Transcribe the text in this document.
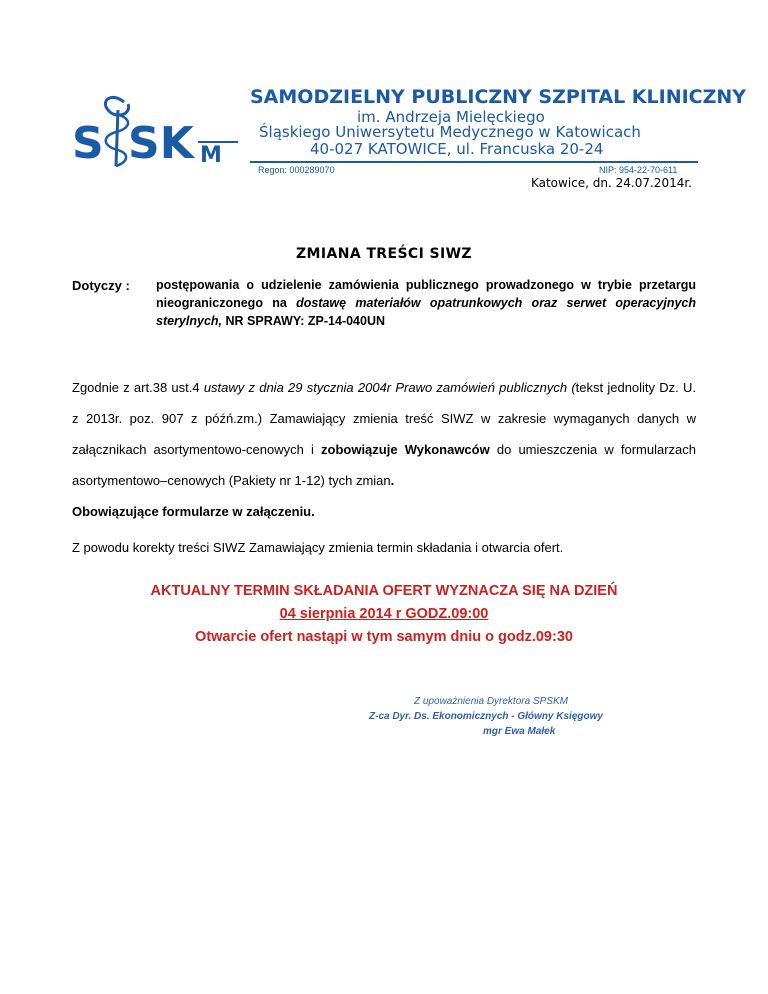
S SK M
SAMODZIELNY PUBLICZNY SZPITAL KLINICZNY
im. Andrzeja Mielęckiego
Śląskiego Uniwersytetu Medycznego w Katowicach
40-027 KATOWICE, ul. Francuska 20-24
Regon: 000289070	NIP: 954-22-70-611
Katowice, dn. 24.07.2014r.
ZMIANA TREŚCI SIWZ
Dotyczy : postępowania o udzielenie zamówienia publicznego prowadzonego w trybie przetargu nieograniczonego na dostawę materiałów opatrunkowych oraz serwet operacyjnych sterylnych, NR SPRAWY: ZP-14-040UN
Zgodnie z art.38 ust.4 ustawy z dnia 29 stycznia 2004r Prawo zamówień publicznych (tekst jednolity Dz. U. z 2013r. poz. 907 z późń.zm.) Zamawiający zmienia treść SIWZ w zakresie wymaganych danych w załącznikach asortymentowo-cenowych i zobowiązuje Wykonawców do umieszczenia w formularzach asortymentowo–cenowych (Pakiety nr 1-12) tych zmian.
Obowiązujące formularze w załączeniu.
Z powodu korekty treści SIWZ Zamawiający zmienia termin składania i otwarcia ofert.
AKTUALNY TERMIN SKŁADANIA OFERT WYZNACZA SIĘ NA DZIEŃ
04 sierpnia 2014 r GODZ.09:00
Otwarcie ofert nastąpi w tym samym dniu o godz.09:30
Z upoważnienia Dyrektora SPSKM
Z-ca Dyr. Ds. Ekonomicznych - Główny Księgowy
mgr Ewa Małek
